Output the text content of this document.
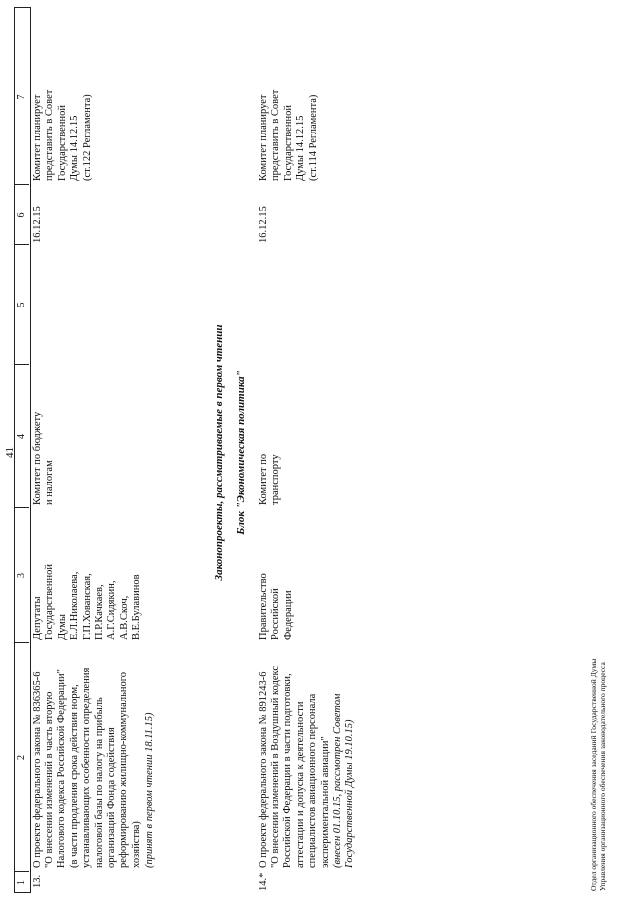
41
1
2
3
4
5
6
7
13.
О проекте федерального закона № 836365-6 "О внесении изменений в часть вторую
Налогового кодекса Российской Федерации"
(в части продления срока действия норм,
устанавливающих особенности определения
налоговой базы по налогу на прибыль
организаций Фонда содействия
реформированию жилищно-коммунального
хозяйства) (принят в первом чтении 18.11.15)
Депутаты
Государственной
Думы
Е.Л.Николаева,
Г.П.Хованская,
П.Р.Качкаев,
А.Г.Сидякин,
А.В.Скоч,
В.Е.Булавинов
Комитет по бюджету
и налогам
16.12.15
Комитет планирует
представить в Совет
Государственной
Думы 14.12.15
(ст.122 Регламента)
Законопроекты, рассматриваемые в первом чтении Блок "Экономическая политика"
14.*
О проекте федерального закона № 891243-6 "О внесении изменений в Воздушный кодекс
Российской Федерации в части подготовки,
аттестации и допуска к деятельности
специалистов авиационного персонала
экспериментальной авиации"
(внесен 01.10.15, рассмотрен Советом
Государственной Думы 19.10.15)
Правительство
Российской
Федерации
Комитет по
транспорту
16.12.15
Комитет планирует
представить в Совет
Государственной
Думы 14.12.15
(ст.114 Регламента)
Отдел организационного обеспечения заседаний Государственной Думы Управления организационного обеспечения законодательного процесса
